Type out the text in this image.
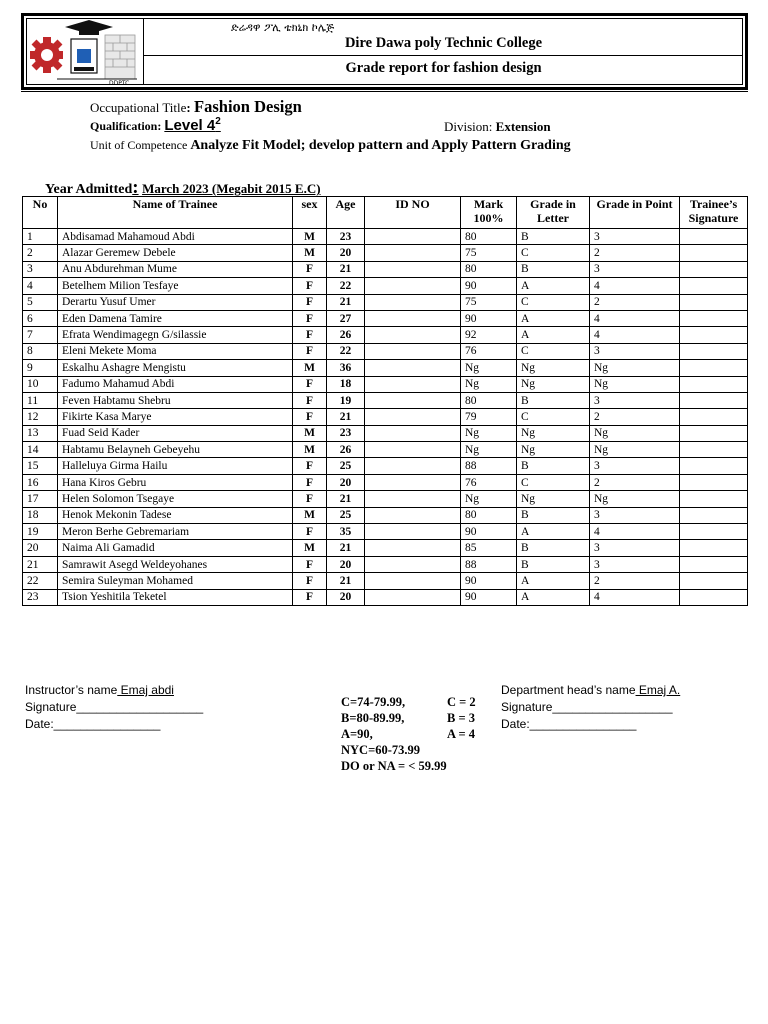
DDPTC
ድሬዳዋ ፖሊ ቴክኒክ ኮሌጅ
Dire Dawa poly Technic College
Grade report for fashion design
Occupational Title: Fashion Design
Qualification: Level $4^2$	Division: Extension
Unit of Competence Analyze Fit Model; develop pattern and Apply Pattern Grading
Year Admitted: March 2023 (Megabit 2015 E.C)
No	Name of Trainee	sex	Age	ID NO	Mark 100%	Grade in Letter	Grade in Point	Trainee’s Signature
1	Abdisamad Mahamoud Abdi	M	23		80	B	3	
2	Alazar Geremew Debele	M	20		75	C	2	
3	Anu Abdurehman Mume	F	21		80	B	3	
4	Betelhem Milion Tesfaye	F	22		90	A	4	
5	Derartu Yusuf Umer	F	21		75	C	2	
6	Eden Damena Tamire	F	27		90	A	4	
7	Efrata Wendimagegn G/silassie	F	26		92	A	4	
8	Eleni Mekete Moma	F	22		76	C	3	
9	Eskalhu Ashagre Mengistu	M	36		Ng	Ng	Ng	
10	Fadumo Mahamud Abdi	F	18		Ng	Ng	Ng	
11	Feven Habtamu Shebru	F	19		80	B	3	
12	Fikirte Kasa Marye	F	21		79	C	2	
13	Fuad Seid Kader	M	23		Ng	Ng	Ng	
14	Habtamu Belayneh Gebeyehu	M	26		Ng	Ng	Ng	
15	Halleluya Girma Hailu	F	25		88	B	3	
16	Hana Kiros Gebru	F	20		76	C	2	
17	Helen Solomon Tsegaye	F	21		Ng	Ng	Ng	
18	Henok Mekonin Tadese	M	25		80	B	3	
19	Meron Berhe Gebremariam	F	35		90	A	4	
20	Naima Ali Gamadid	M	21		85	B	3	
21	Samrawit Asegd Weldeyohanes	F	20		88	B	3	
22	Semira Suleyman Mohamed	F	21		90	A	2	
23	Tsion Yeshitila Teketel	F	20		90	A	4	
Instructor’s name Emaj abdi
Signature___________________
Date:________________
C=74-79.99,	C = 2
B=80-89.99,	B = 3
A=90,	A = 4
NYC=60-73.99
DO or NA = < 59.99
Department head’s name Emaj A.
Signature__________________
Date:________________
